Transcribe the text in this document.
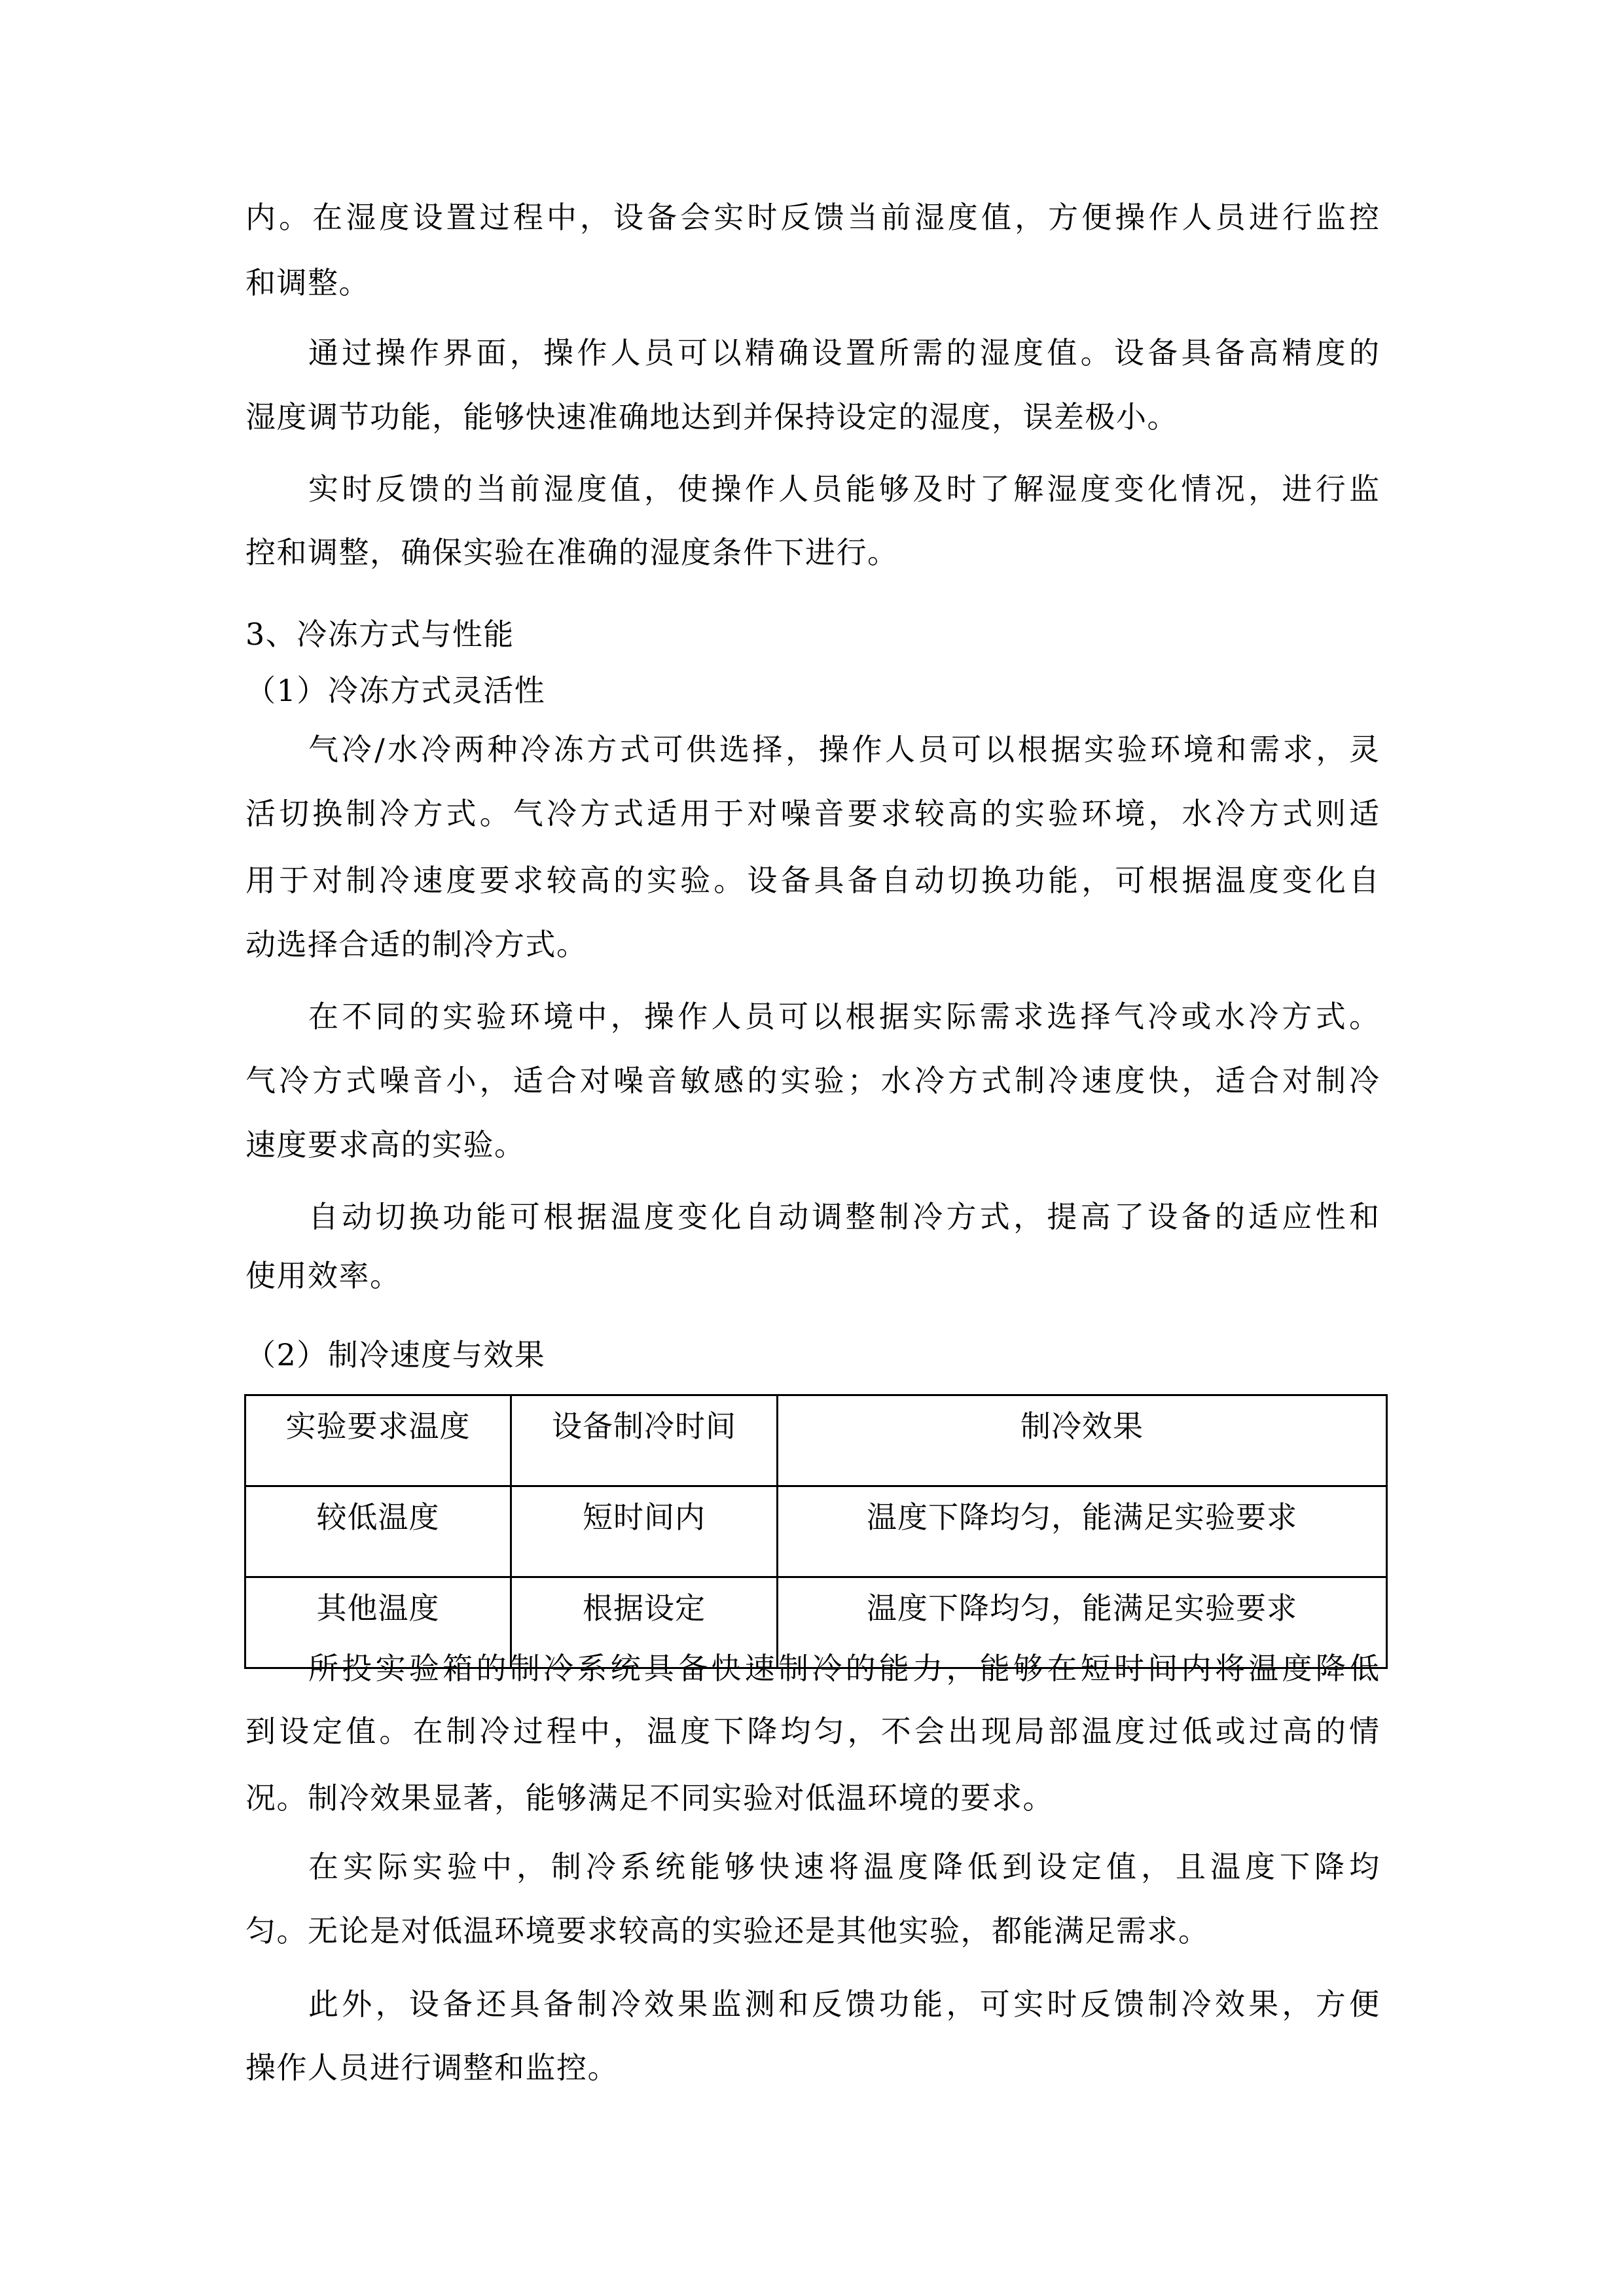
内。在湿度设置过程中，设备会实时反馈当前湿度值，方便操作人员进行监控
和调整。
通过操作界面，操作人员可以精确设置所需的湿度值。设备具备高精度的
湿度调节功能，能够快速准确地达到并保持设定的湿度，误差极小。
实时反馈的当前湿度值，使操作人员能够及时了解湿度变化情况，进行监
控和调整，确保实验在准确的湿度条件下进行。
3、冷冻方式与性能
（1）冷冻方式灵活性
气冷/水冷两种冷冻方式可供选择，操作人员可以根据实验环境和需求，灵
活切换制冷方式。气冷方式适用于对噪音要求较高的实验环境，水冷方式则适
用于对制冷速度要求较高的实验。设备具备自动切换功能，可根据温度变化自
动选择合适的制冷方式。
在不同的实验环境中，操作人员可以根据实际需求选择气冷或水冷方式。
气冷方式噪音小，适合对噪音敏感的实验；水冷方式制冷速度快，适合对制冷
速度要求高的实验。
自动切换功能可根据温度变化自动调整制冷方式，提高了设备的适应性和
使用效率。
（2）制冷速度与效果
实验要求温度	设备制冷时间	制冷效果
较低温度	短时间内	温度下降均匀，能满足实验要求
其他温度	根据设定	温度下降均匀，能满足实验要求
所投实验箱的制冷系统具备快速制冷的能力，能够在短时间内将温度降低
到设定值。在制冷过程中，温度下降均匀，不会出现局部温度过低或过高的情
况。制冷效果显著，能够满足不同实验对低温环境的要求。
在实际实验中，制冷系统能够快速将温度降低到设定值，且温度下降均
匀。无论是对低温环境要求较高的实验还是其他实验，都能满足需求。
此外，设备还具备制冷效果监测和反馈功能，可实时反馈制冷效果，方便
操作人员进行调整和监控。
